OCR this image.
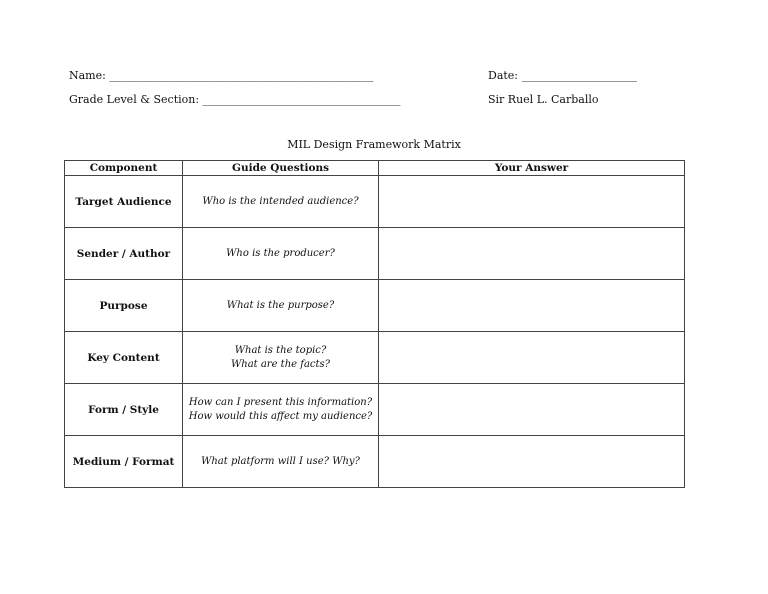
Name: ________________________________________________	Date: _____________________
Grade Level & Section: ____________________________________	Sir Ruel L. Carballo
MIL Design Framework Matrix
Component	Guide Questions	Your Answer
Target Audience	Who is the intended audience?	

Sender / Author	Who is the producer?	

Purpose	What is the purpose?	

Key Content	What is the topic?
What are the facts?	

Form / Style	How can I present this information?
How would this affect my audience?	

Medium / Format	What platform will I use? Why?	
